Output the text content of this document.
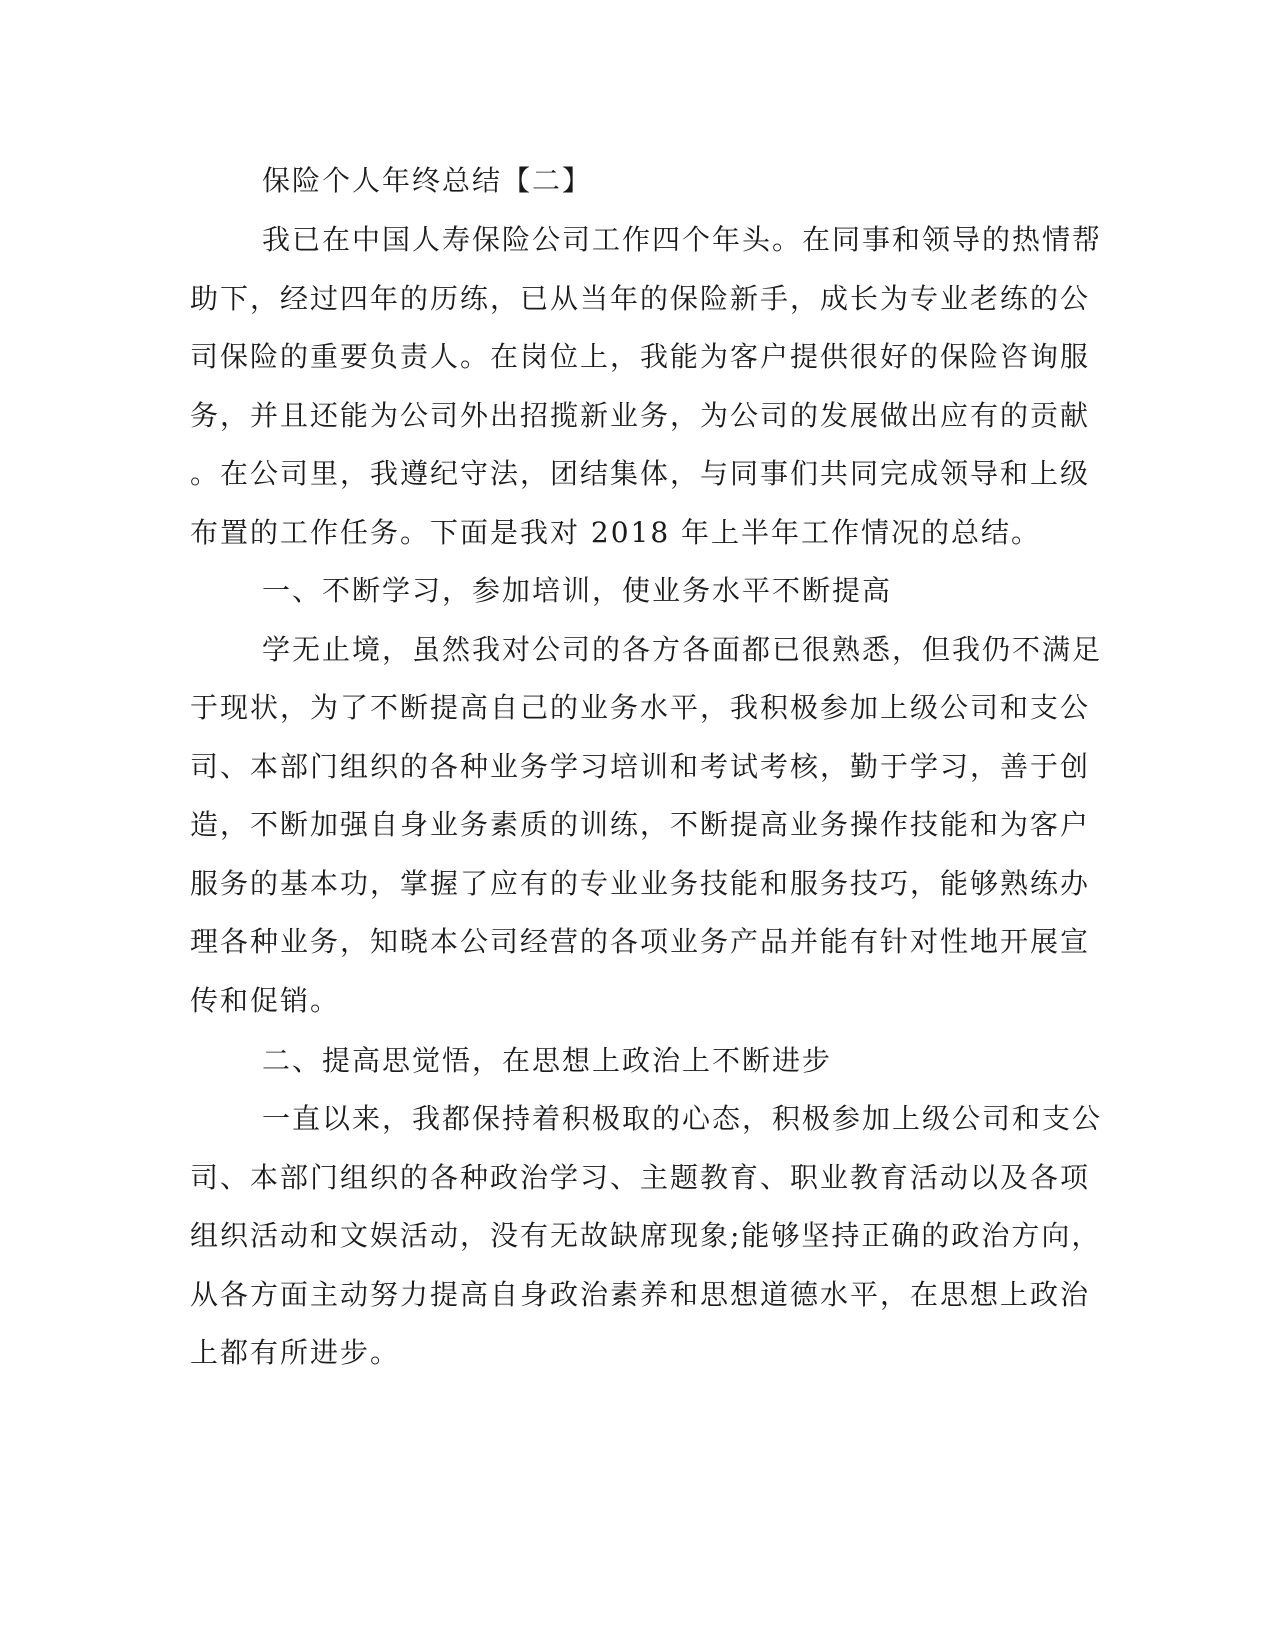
保险个人年终总结【二】
我已在中国人寿保险公司工作四个年头。在同事和领导的热情帮
助下，经过四年的历练，已从当年的保险新手，成长为专业老练的公
司保险的重要负责人。在岗位上，我能为客户提供很好的保险咨询服
务，并且还能为公司外出招揽新业务，为公司的发展做出应有的贡献
。在公司里，我遵纪守法，团结集体，与同事们共同完成领导和上级
布置的工作任务。下面是我对 2018 年上半年工作情况的总结。
一、不断学习，参加培训，使业务水平不断提高
学无止境，虽然我对公司的各方各面都已很熟悉，但我仍不满足
于现状，为了不断提高自己的业务水平，我积极参加上级公司和支公
司、本部门组织的各种业务学习培训和考试考核，勤于学习，善于创
造，不断加强自身业务素质的训练，不断提高业务操作技能和为客户
服务的基本功，掌握了应有的专业业务技能和服务技巧，能够熟练办
理各种业务，知晓本公司经营的各项业务产品并能有针对性地开展宣
传和促销。
二、提高思觉悟，在思想上政治上不断进步
一直以来，我都保持着积极取的心态，积极参加上级公司和支公
司、本部门组织的各种政治学习、主题教育、职业教育活动以及各项
组织活动和文娱活动，没有无故缺席现象;能够坚持正确的政治方向，
从各方面主动努力提高自身政治素养和思想道德水平，在思想上政治
上都有所进步。
